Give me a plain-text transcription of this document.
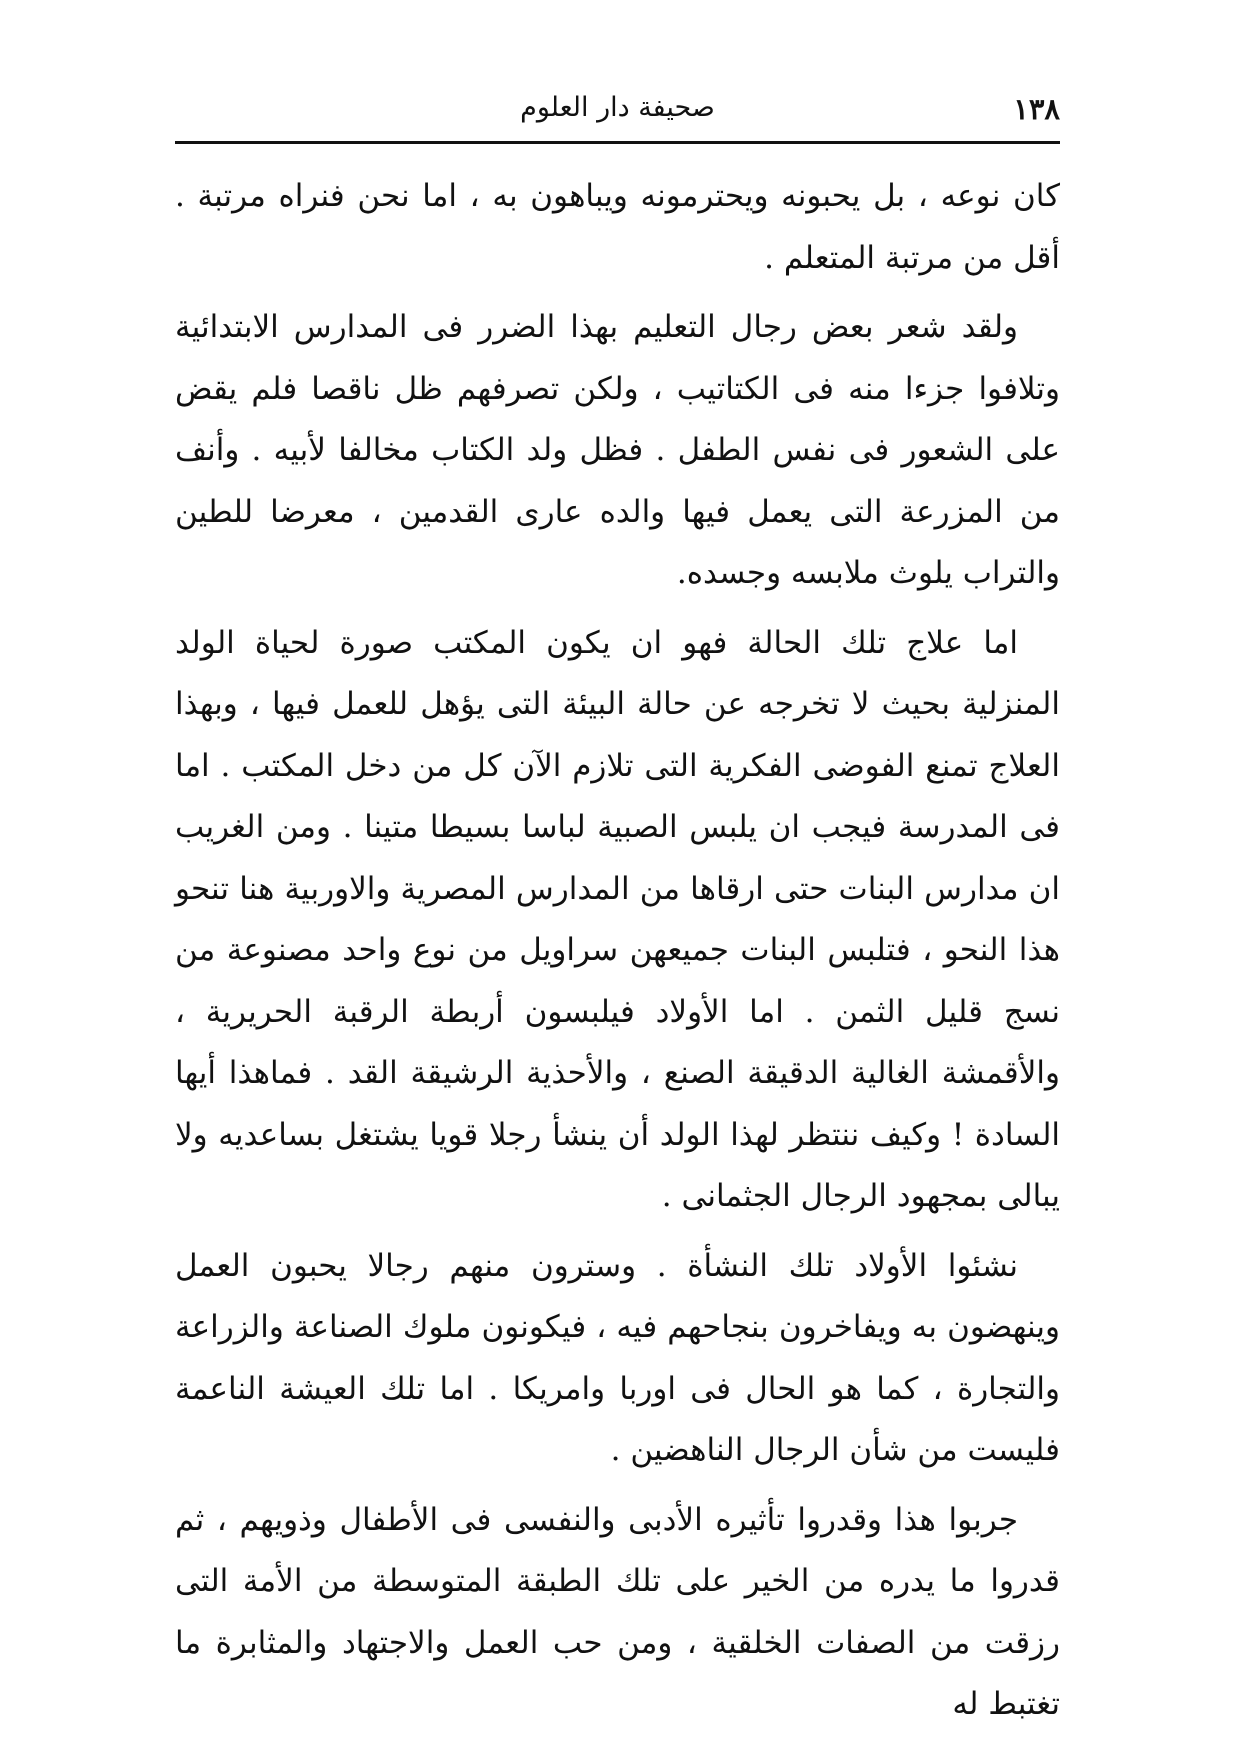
١٣٨
صحيفة دار العلوم

كان نوعه ، بل يحبونه ويحترمونه ويباهون به ، اما نحن فنراه مرتبة . أقل من مرتبة المتعلم .

ولقد شعر بعض رجال التعليم بهذا الضرر فى المدارس الابتدائية وتلافوا جزءا منه فى الكتاتيب ، ولكن تصرفهم ظل ناقصا فلم يقض على الشعور فى نفس الطفل . فظل ولد الكتاب مخالفا لأبيه . وأنف من المزرعة التى يعمل فيها والده عارى القدمين ، معرضا للطين والتراب يلوث ملابسه وجسده.

اما علاج تلك الحالة فهو ان يكون المكتب صورة لحياة الولد المنزلية بحيث لا تخرجه عن حالة البيئة التى يؤهل للعمل فيها ، وبهذا العلاج تمنع الفوضى الفكرية التى تلازم الآن كل من دخل المكتب . اما فى المدرسة فيجب ان يلبس الصبية لباسا بسيطا متينا . ومن الغريب ان مدارس البنات حتى ارقاها من المدارس المصرية والاوربية هنا تنحو هذا النحو ، فتلبس البنات جميعهن سراويل من نوع واحد مصنوعة من نسج قليل الثمن . اما الأولاد فيلبسون أربطة الرقبة الحريرية ، والأقمشة الغالية الدقيقة الصنع ، والأحذية الرشيقة القد . فماهذا أيها السادة ! وكيف ننتظر لهذا الولد أن ينشأ رجلا قويا يشتغل بساعديه ولا يبالى بمجهود الرجال الجثمانى .

نشئوا الأولاد تلك النشأة . وسترون منهم رجالا يحبون العمل وينهضون به ويفاخرون بنجاحهم فيه ، فيكونون ملوك الصناعة والزراعة والتجارة ، كما هو الحال فى اوربا وامريكا . اما تلك العيشة الناعمة فليست من شأن الرجال الناهضين .

جربوا هذا وقدروا تأثيره الأدبى والنفسى فى الأطفال وذويهم ، ثم قدروا ما يدره من الخير على تلك الطبقة المتوسطة من الأمة التى رزقت من الصفات الخلقية ، ومن حب العمل والاجتهاد والمثابرة ما تغتبط له
